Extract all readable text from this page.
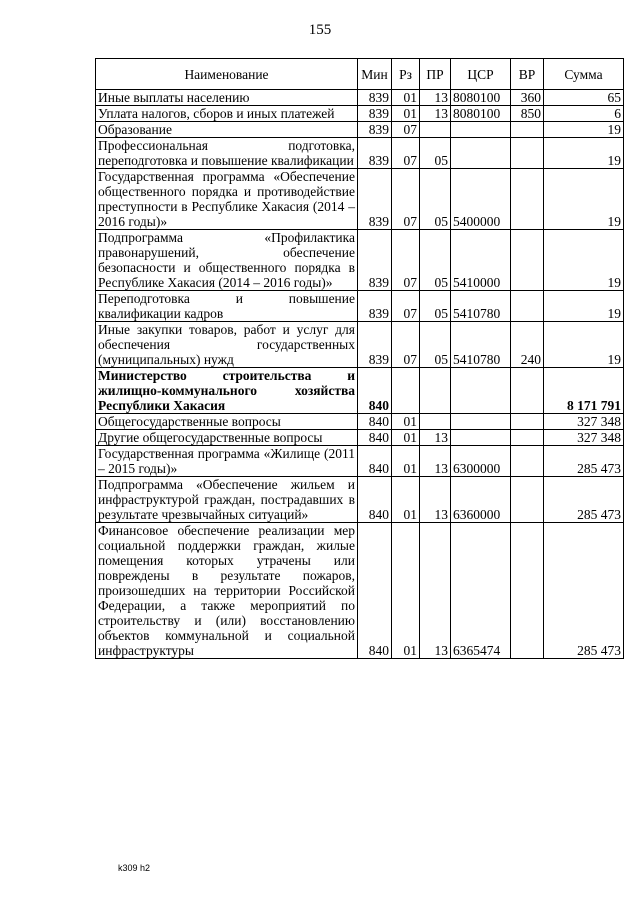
155
Наименование	Мин	Рз	ПР	ЦСР	ВР	Сумма
Иные выплаты населению	839	01	13	8080100	360	65
Уплата налогов, сборов и иных платежей	839	01	13	8080100	850	6
Образование	839	07				19
Профессиональная подготовка, переподготовка и повышение квалификации	839	07	05			19
Государственная программа «Обеспечение общественного порядка и противодействие преступности в Республике Хакасия (2014 – 2016 годы)»	839	07	05	5400000		19
Подпрограмма «Профилактика правонарушений, обеспечение безопасности и общественного порядка в Республике Хакасия (2014 – 2016 годы)»	839	07	05	5410000		19
Переподготовка и повышение квалификации кадров	839	07	05	5410780		19
Иные закупки товаров, работ и услуг для обеспечения государственных (муниципальных) нужд	839	07	05	5410780	240	19
Министерство строительства и жилищно-коммунального хозяйства Республики Хакасия	840					8 171 791
Общегосударственные вопросы	840	01				327 348
Другие общегосударственные вопросы	840	01	13			327 348
Государственная программа «Жилище (2011 – 2015 годы)»	840	01	13	6300000		285 473
Подпрограмма «Обеспечение жильем и инфраструктурой граждан, пострадавших в результате чрезвычайных ситуаций»	840	01	13	6360000		285 473
Финансовое обеспечение реализации мер социальной поддержки граждан, жилые помещения которых утрачены или повреждены в результате пожаров, произошедших на территории Российской Федерации, а также мероприятий по строительству и (или) восстановлению объектов коммунальной и социальной инфраструктуры	840	01	13	6365474		285 473
k309 h2
